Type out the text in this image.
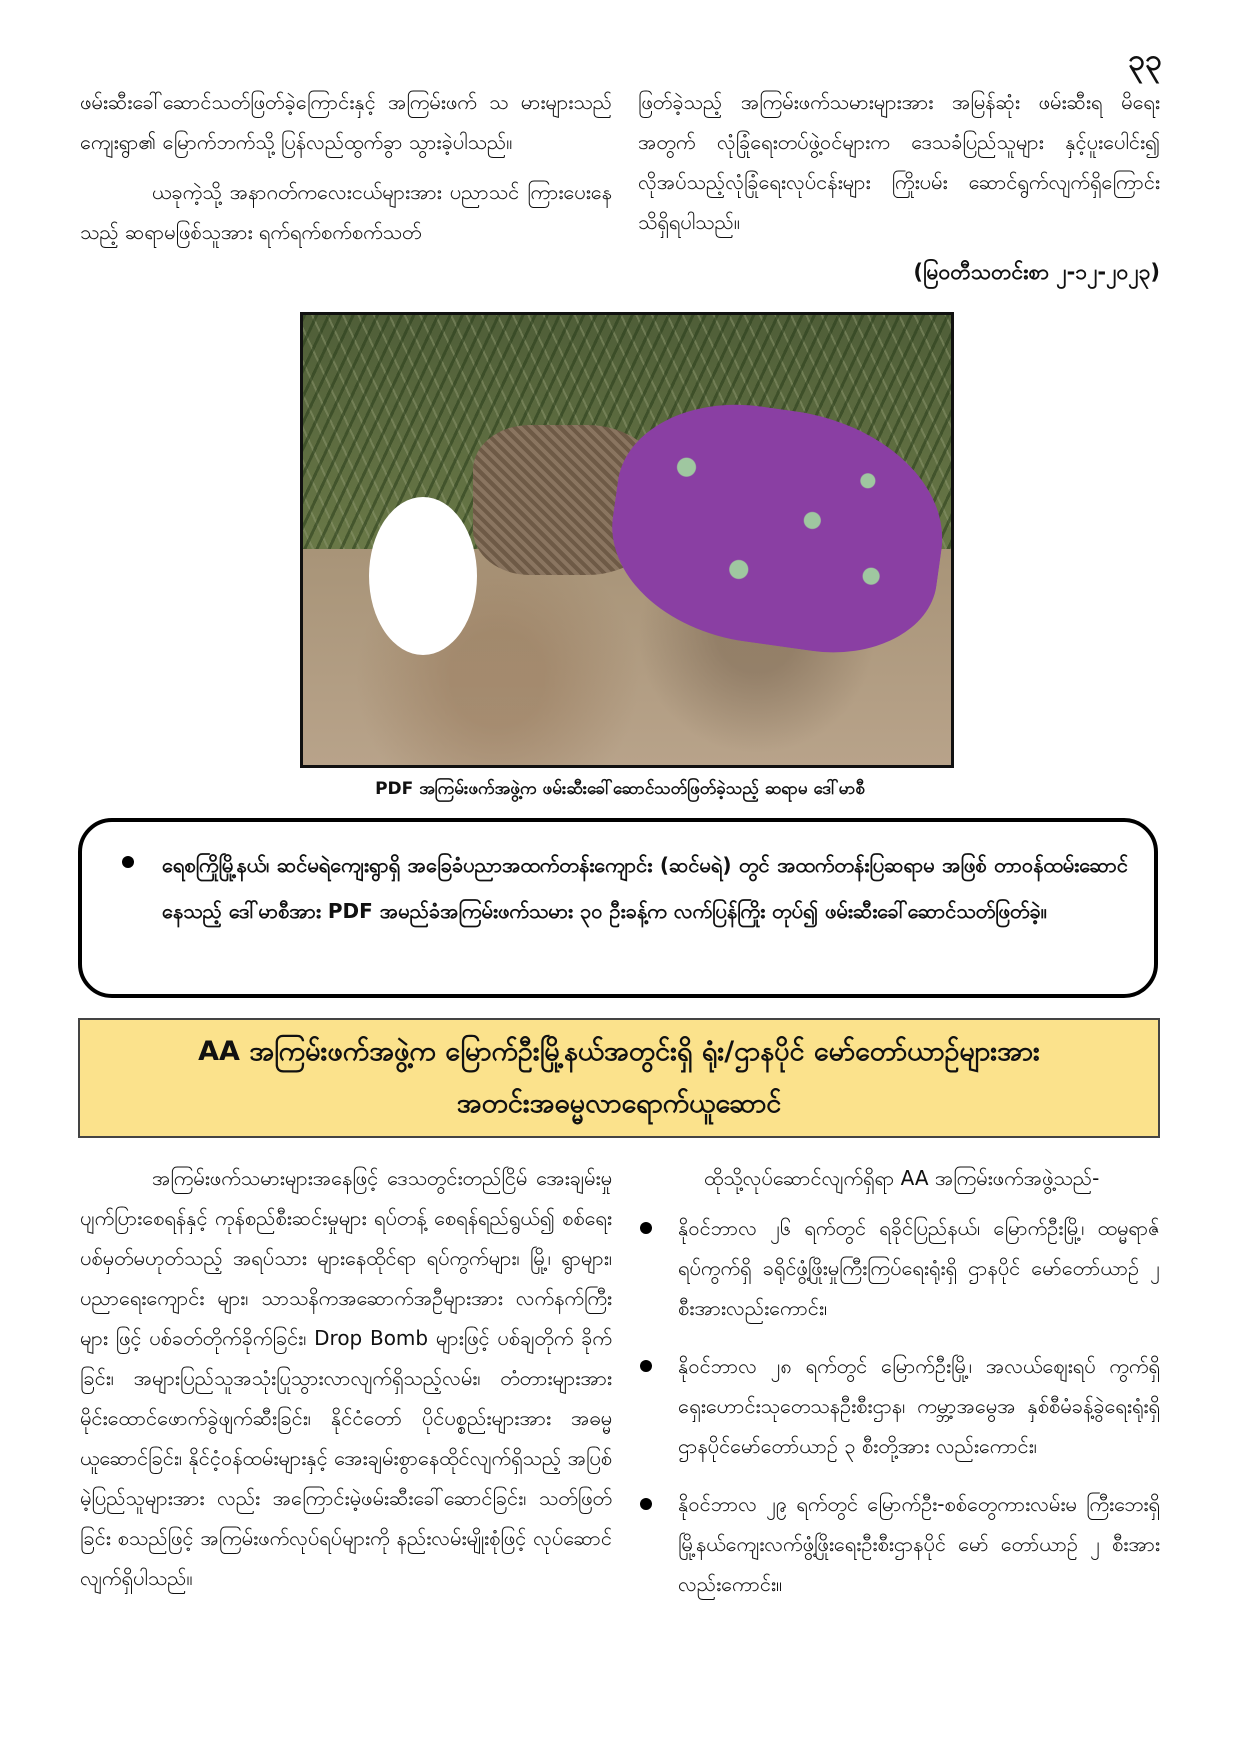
၃၃

ဖမ်းဆီးခေါ်ဆောင်သတ်ဖြတ်ခဲ့ကြောင်းနှင့် အကြမ်းဖက် သ မားများသည် ကျေးရွာ၏ မြောက်ဘက်သို့ ပြန်လည်ထွက်ခွာ သွားခဲ့ပါသည်။

ယခုကဲ့သို့ အနာဂတ်ကလေးငယ်များအား ပညာသင် ကြားပေးနေသည့် ဆရာမဖြစ်သူအား ရက်ရက်စက်စက်သတ်

ဖြတ်ခဲ့သည့် အကြမ်းဖက်သမားများအား အမြန်ဆုံး ဖမ်းဆီးရ မိရေးအတွက် လုံခြုံရေးတပ်ဖွဲ့ဝင်များက ဒေသခံပြည်သူများ နှင့်ပူးပေါင်း၍ လိုအပ်သည့်လုံခြုံရေးလုပ်ငန်းများ ကြိုးပမ်း ဆောင်ရွက်လျက်ရှိကြောင်း သိရှိရပါသည်။

(မြဝတီသတင်းစာ ၂-၁၂-၂၀၂၃)
PDF အကြမ်းဖက်အဖွဲ့က ဖမ်းဆီးခေါ်ဆောင်သတ်ဖြတ်ခဲ့သည့် ဆရာမ ဒေါ်မာစီ
ရေစကြိုမြို့နယ်၊ ဆင်မရဲကျေးရွာရှိ အခြေခံပညာအထက်တန်းကျောင်း (ဆင်မရဲ) တွင် အထက်တန်းပြဆရာမ အဖြစ် တာဝန်ထမ်းဆောင်နေသည့် ဒေါ်မာစီအား PDF အမည်ခံအကြမ်းဖက်သမား ၃၀ ဦးခန့်က လက်ပြန်ကြိုး တုပ်၍ ဖမ်းဆီးခေါ်ဆောင်သတ်ဖြတ်ခဲ့။
AA အကြမ်းဖက်အဖွဲ့က မြောက်ဦးမြို့နယ်အတွင်းရှိ ရုံး/ဌာနပိုင် မော်တော်ယာဉ်များအား
အတင်းအဓမ္မလာရောက်ယူဆောင်

အကြမ်းဖက်သမားများအနေဖြင့် ဒေသတွင်းတည်ငြိမ် အေးချမ်းမှုပျက်ပြားစေရန်နှင့် ကုန်စည်စီးဆင်းမှုများ ရပ်တန့် စေရန်ရည်ရွယ်၍ စစ်ရေးပစ်မှတ်မဟုတ်သည့် အရပ်သား များနေထိုင်ရာ ရပ်ကွက်များ၊ မြို့၊ ရွာများ၊ ပညာရေးကျောင်း များ၊ သာသနိကအဆောက်အဦများအား လက်နက်ကြီးများ ဖြင့် ပစ်ခတ်တိုက်ခိုက်ခြင်း၊ Drop Bomb များဖြင့် ပစ်ချတိုက် ခိုက်ခြင်း၊ အများပြည်သူအသုံးပြုသွားလာလျက်ရှိသည့်လမ်း၊ တံတားများအား မိုင်းထောင်ဖောက်ခွဲဖျက်ဆီးခြင်း၊ နိုင်ငံတော် ပိုင်ပစ္စည်းများအား အဓမ္မယူဆောင်ခြင်း၊ နိုင်ငံ့ဝန်ထမ်းများနှင့် အေးချမ်းစွာနေထိုင်လျက်ရှိသည့် အပြစ်မဲ့ပြည်သူများအား လည်း အကြောင်းမဲ့ဖမ်းဆီးခေါ်ဆောင်ခြင်း၊ သတ်ဖြတ်ခြင်း စသည်ဖြင့် အကြမ်းဖက်လုပ်ရပ်များကို နည်းလမ်းမျိုးစုံဖြင့် လုပ်ဆောင်လျက်ရှိပါသည်။

ထိုသို့လုပ်ဆောင်လျက်ရှိရာ AA အကြမ်းဖက်အဖွဲ့သည်-
နိုဝင်ဘာလ ၂၆ ရက်တွင် ရခိုင်ပြည်နယ်၊ မြောက်ဦးမြို့၊ ထမ္မရာဇ်ရပ်ကွက်ရှိ ခရိုင်ဖွံ့ဖြိုးမှုကြီးကြပ်ရေးရုံးရှိ ဌာနပိုင် မော်တော်ယာဉ် ၂ စီးအားလည်းကောင်း၊
နိုဝင်ဘာလ ၂၈ ရက်တွင် မြောက်ဦးမြို့၊ အလယ်စျေးရပ် ကွက်ရှိ ရှေးဟောင်းသုတေသနဦးစီးဌာန၊ ကမ္ဘာ့အမွေအ နှစ်စီမံခန့်ခွဲရေးရုံးရှိ ဌာနပိုင်မော်တော်ယာဉ် ၃ စီးတို့အား လည်းကောင်း၊
နိုဝင်ဘာလ ၂၉ ရက်တွင် မြောက်ဦး-စစ်တွေကားလမ်းမ ကြီးဘေးရှိ မြို့နယ်ကျေးလက်ဖွံ့ဖြိုးရေးဦးစီးဌာနပိုင် မော် တော်ယာဉ် ၂ စီးအားလည်းကောင်း။
